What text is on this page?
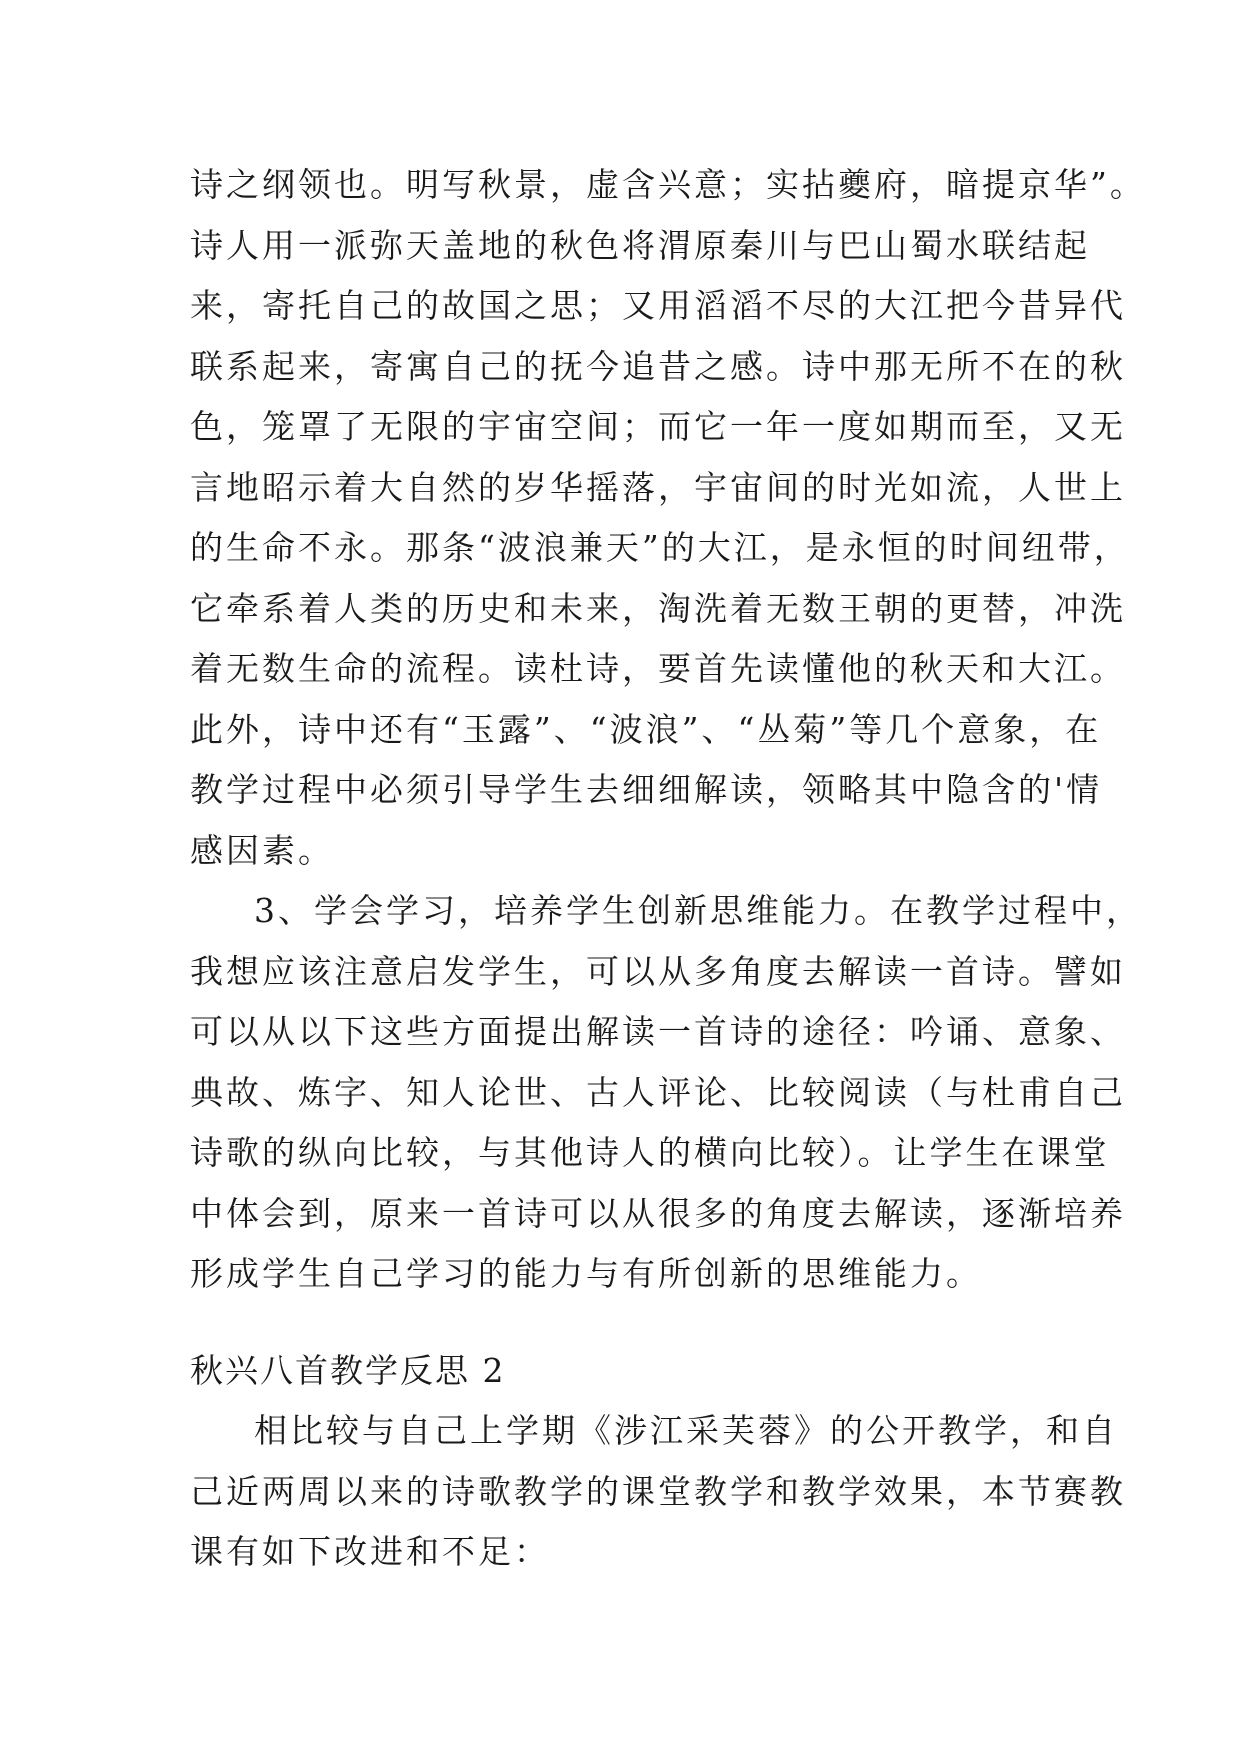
诗之纲领也。明写秋景，虚含兴意；实拈夔府，暗提京华”。
诗人用一派弥天盖地的秋色将渭原秦川与巴山蜀水联结起
来，寄托自己的故国之思；又用滔滔不尽的大江把今昔异代
联系起来，寄寓自己的抚今追昔之感。诗中那无所不在的秋
色，笼罩了无限的宇宙空间；而它一年一度如期而至，又无
言地昭示着大自然的岁华摇落，宇宙间的时光如流，人世上
的生命不永。那条“波浪兼天”的大江，是永恒的时间纽带，
它牵系着人类的历史和未来，淘洗着无数王朝的更替，冲洗
着无数生命的流程。读杜诗，要首先读懂他的秋天和大江。
此外，诗中还有“玉露”、“波浪”、“丛菊”等几个意象，在
教学过程中必须引导学生去细细解读，领略其中隐含的'情
感因素。
3、学会学习，培养学生创新思维能力。在教学过程中，
我想应该注意启发学生，可以从多角度去解读一首诗。譬如
可以从以下这些方面提出解读一首诗的途径：吟诵、意象、
典故、炼字、知人论世、古人评论、比较阅读（与杜甫自己
诗歌的纵向比较，与其他诗人的横向比较）。让学生在课堂
中体会到，原来一首诗可以从很多的角度去解读，逐渐培养
形成学生自己学习的能力与有所创新的思维能力。
秋兴八首教学反思 2
相比较与自己上学期《涉江采芙蓉》的公开教学，和自
己近两周以来的诗歌教学的课堂教学和教学效果，本节赛教
课有如下改进和不足：
